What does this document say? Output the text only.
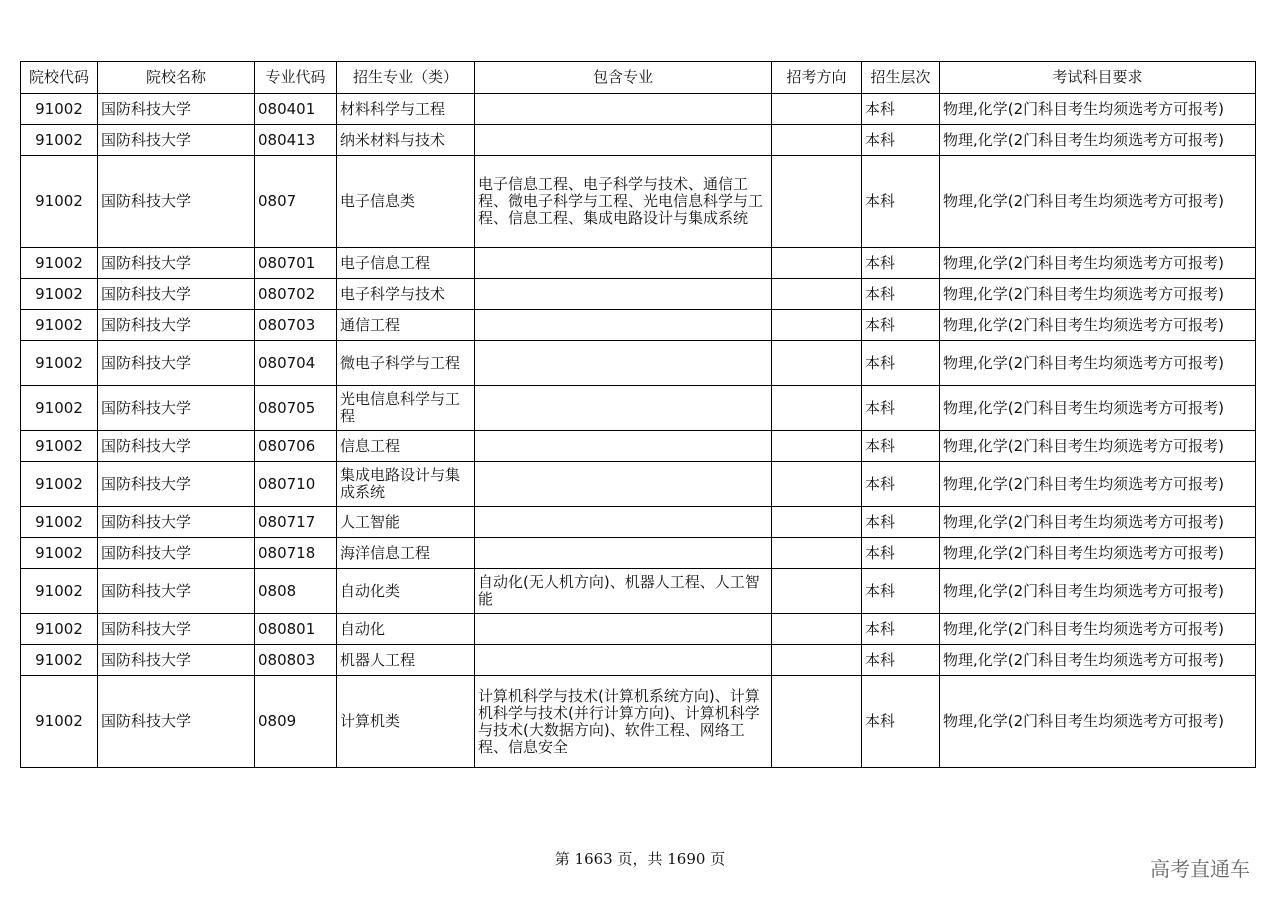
院校代码	院校名称	专业代码	招生专业（类）	包含专业	招考方向	招生层次	考试科目要求
91002	国防科技大学	080401	材料科学与工程			本科	物理,化学(2门科目考生均须选考方可报考)
91002	国防科技大学	080413	纳米材料与技术			本科	物理,化学(2门科目考生均须选考方可报考)
91002	国防科技大学	0807	电子信息类	电子信息工程、电子科学与技术、通信工程、微电子科学与工程、光电信息科学与工程、信息工程、集成电路设计与集成系统		本科	物理,化学(2门科目考生均须选考方可报考)
91002	国防科技大学	080701	电子信息工程			本科	物理,化学(2门科目考生均须选考方可报考)
91002	国防科技大学	080702	电子科学与技术			本科	物理,化学(2门科目考生均须选考方可报考)
91002	国防科技大学	080703	通信工程			本科	物理,化学(2门科目考生均须选考方可报考)
91002	国防科技大学	080704	微电子科学与工程			本科	物理,化学(2门科目考生均须选考方可报考)
91002	国防科技大学	080705	光电信息科学与工程			本科	物理,化学(2门科目考生均须选考方可报考)
91002	国防科技大学	080706	信息工程			本科	物理,化学(2门科目考生均须选考方可报考)
91002	国防科技大学	080710	集成电路设计与集成系统			本科	物理,化学(2门科目考生均须选考方可报考)
91002	国防科技大学	080717	人工智能			本科	物理,化学(2门科目考生均须选考方可报考)
91002	国防科技大学	080718	海洋信息工程			本科	物理,化学(2门科目考生均须选考方可报考)
91002	国防科技大学	0808	自动化类	自动化(无人机方向)、机器人工程、人工智能		本科	物理,化学(2门科目考生均须选考方可报考)
91002	国防科技大学	080801	自动化			本科	物理,化学(2门科目考生均须选考方可报考)
91002	国防科技大学	080803	机器人工程			本科	物理,化学(2门科目考生均须选考方可报考)
91002	国防科技大学	0809	计算机类	计算机科学与技术(计算机系统方向)、计算机科学与技术(并行计算方向)、计算机科学与技术(大数据方向)、软件工程、网络工程、信息安全		本科	物理,化学(2门科目考生均须选考方可报考)
第 1663 页，共 1690 页	高考直通车
